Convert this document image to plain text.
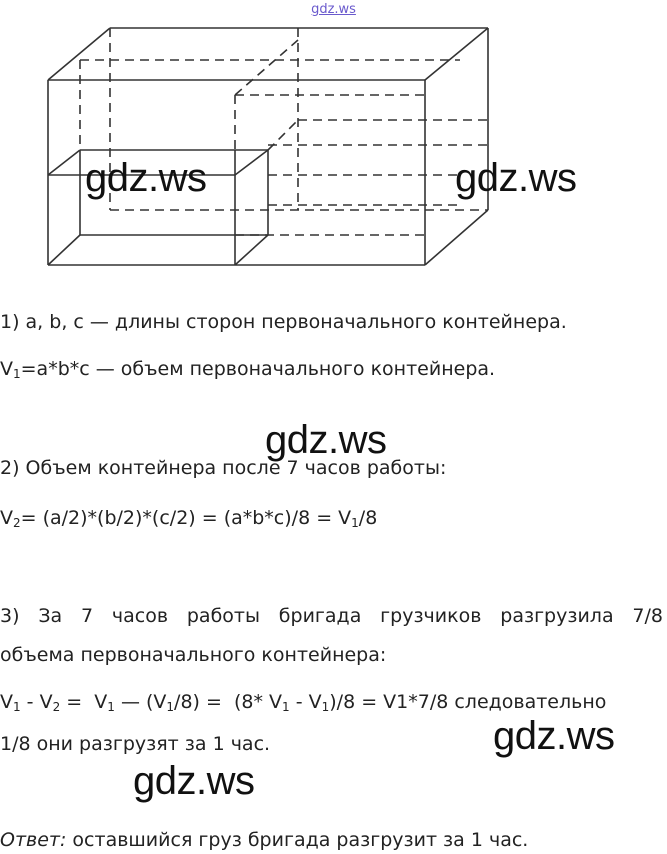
gdz.ws
gdz.ws	gdz.ws
1) a, b, c — длины сторон первоначального контейнера.
$V_1=a*b*c$ — объем первоначального контейнера.
gdz.ws
2) Объем контейнера после 7 часов работы:
$V_2= (a/2)*(b/2)*(c/2) = (a*b*c)/8 = V_1/8$
3) За 7 часов работы бригада грузчиков разгрузила 7/8
объема первоначального контейнера:
$V_1 - V_2 = V_1$ — $(V_1/8) = (8*$ $V_1 - V_1)/8 = V1*7/8$ следовательно
1/8 они разгрузят за 1 час.	gdz.ws
gdz.ws
Ответ: оставшийся груз бригада разгрузит за 1 час.
